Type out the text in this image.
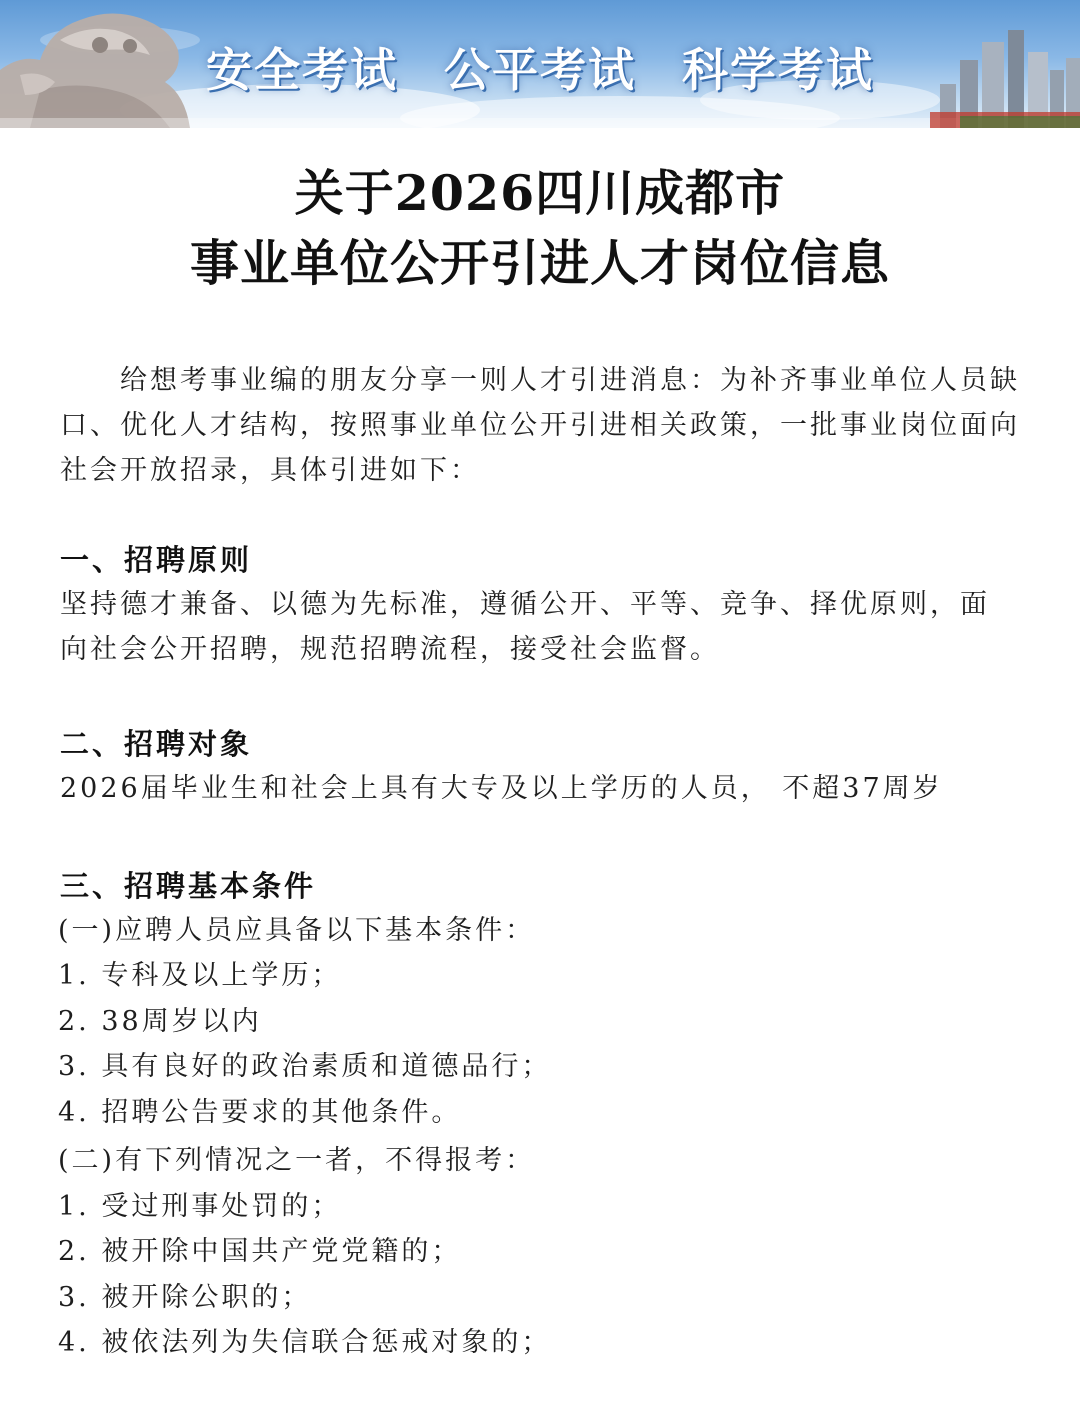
安全考试 公平考试 科学考试
关于2026四川成都市
事业单位公开引进人才岗位信息
　　给想考事业编的朋友分享一则人才引进消息：为补齐事业单位人员缺
口、优化人才结构，按照事业单位公开引进相关政策，一批事业岗位面向
社会开放招录，具体引进如下：
一、招聘原则
坚持德才兼备、以德为先标准，遵循公开、平等、竞争、择优原则，面
向社会公开招聘，规范招聘流程，接受社会监督。
二、招聘对象
2026届毕业生和社会上具有大专及以上学历的人员， 不超37周岁
三、招聘基本条件
(一)应聘人员应具备以下基本条件：
1. 专科及以上学历；
2. 38周岁以内
3. 具有良好的政治素质和道德品行；
4. 招聘公告要求的其他条件。
(二)有下列情况之一者，不得报考：
1. 受过刑事处罚的；
2. 被开除中国共产党党籍的；
3. 被开除公职的；
4. 被依法列为失信联合惩戒对象的；
